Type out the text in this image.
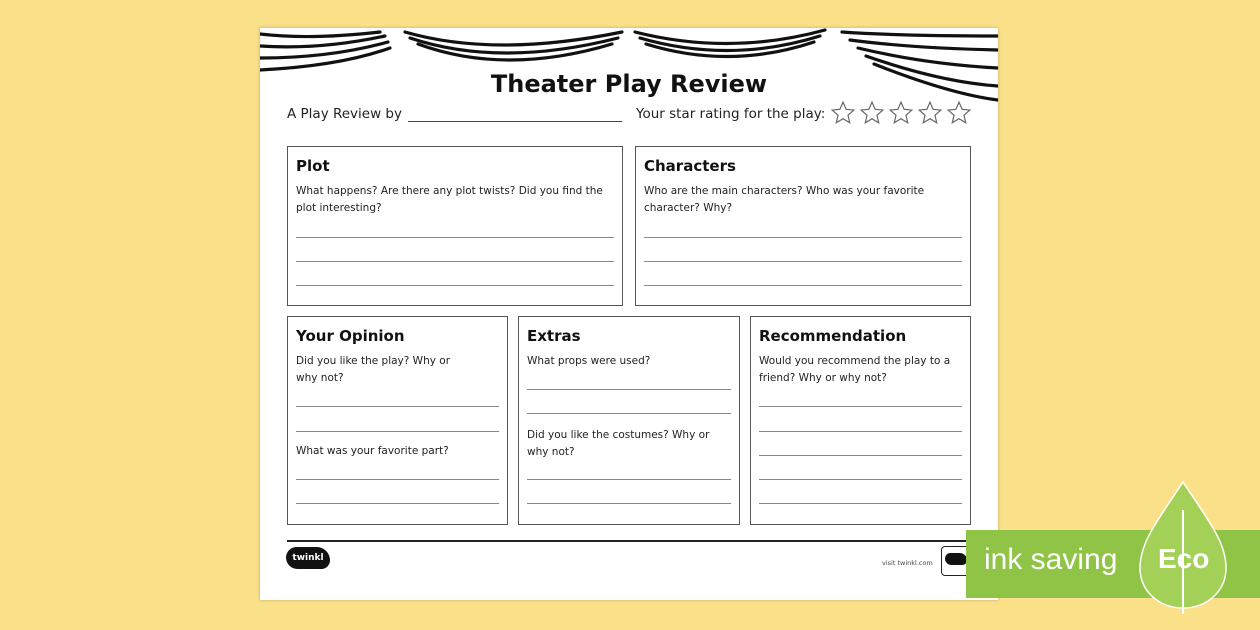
Theater Play Review
A Play Review by	Your star rating for the play:
Plot
What happens? Are there any plot twists? Did you find the plot interesting?
Characters
Who are the main characters? Who was your favorite character? Why?
Your Opinion
Did you like the play? Why or why not?
What was your favorite part?
Extras
What props were used?
Did you like the costumes? Why or why not?
Recommendation
Would you recommend the play to a friend? Why or why not?
twinkl	visit twinkl.com ink saving Eco
